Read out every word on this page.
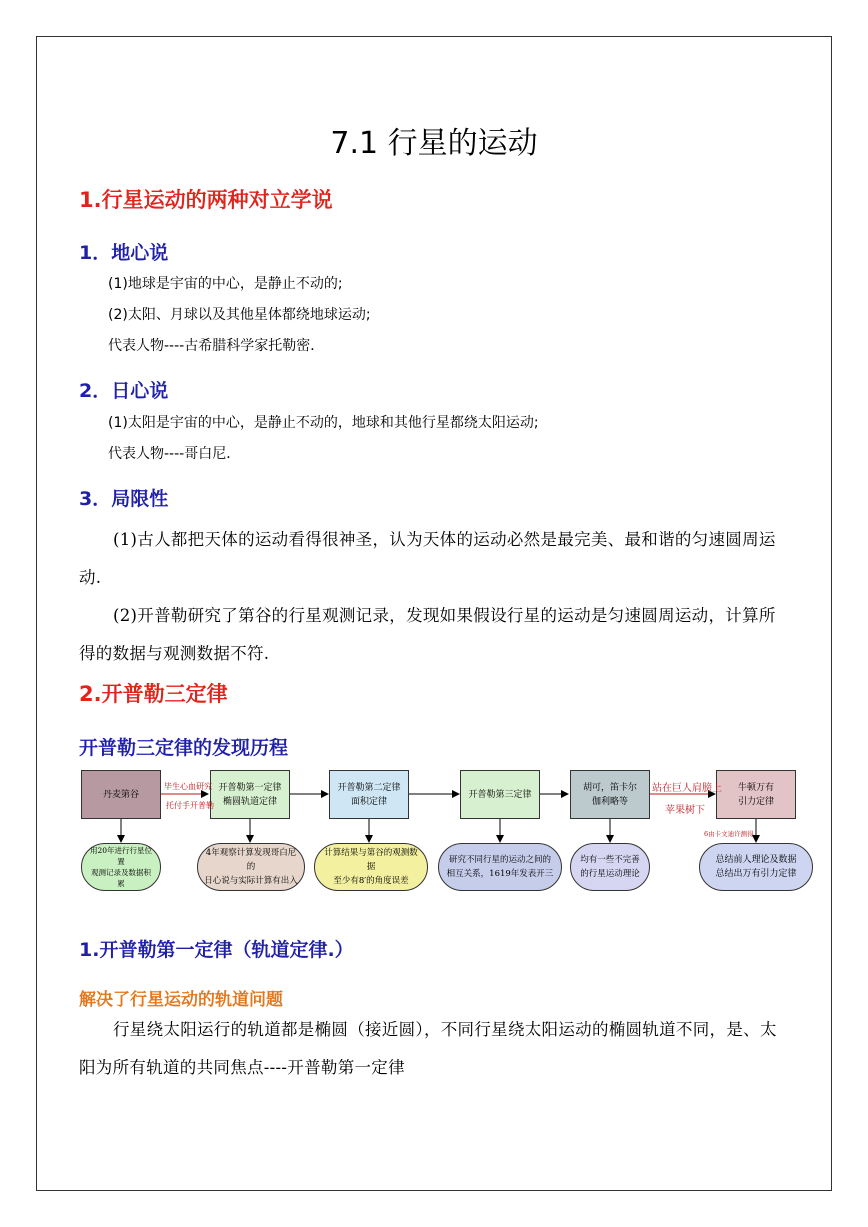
7.1 行星的运动
1.行星运动的两种对立学说
1．地心说
(1)地球是宇宙的中心，是静止不动的;
(2)太阳、月球以及其他星体都绕地球运动;
代表人物----古希腊科学家托勒密．
2．日心说
(1)太阳是宇宙的中心，是静止不动的，地球和其他行星都绕太阳运动;
代表人物----哥白尼．
3．局限性
(1)古人都把天体的运动看得很神圣，认为天体的运动必然是最完美、最和谐的匀速圆周运动.
(2)开普勒研究了第谷的行星观测记录，发现如果假设行星的运动是匀速圆周运动，计算所得的数据与观测数据不符.
2.开普勒三定律
开普勒三定律的发现历程
丹麦第谷
开普勒第一定律
椭圆轨道定律
开普勒第二定律
面积定律
开普勒第三定律
胡可，笛卡尔
伽利略等
牛顿万有
引力定律
毕生心血研究
托付手开普勒
站在巨人肩膀上
苹果树下
6由卡文迪许测得
用20年进行行星位置
观测记录及数据积累
4年观察计算发现哥白尼的
日心说与实际计算有出入
计算结果与第谷的观测数据
至少有8′的角度误差
研究不同行星的运动之间的
相互关系，1619年发表开三
均有一些不完善
的行星运动理论
总结前人理论及数据
总结出万有引力定律
1.开普勒第一定律（轨道定律.）
解决了行星运动的轨道问题
行星绕太阳运行的轨道都是椭圆（接近圆），不同行星绕太阳运动的椭圆轨道不同，是、太阳为所有轨道的共同焦点----开普勒第一定律
